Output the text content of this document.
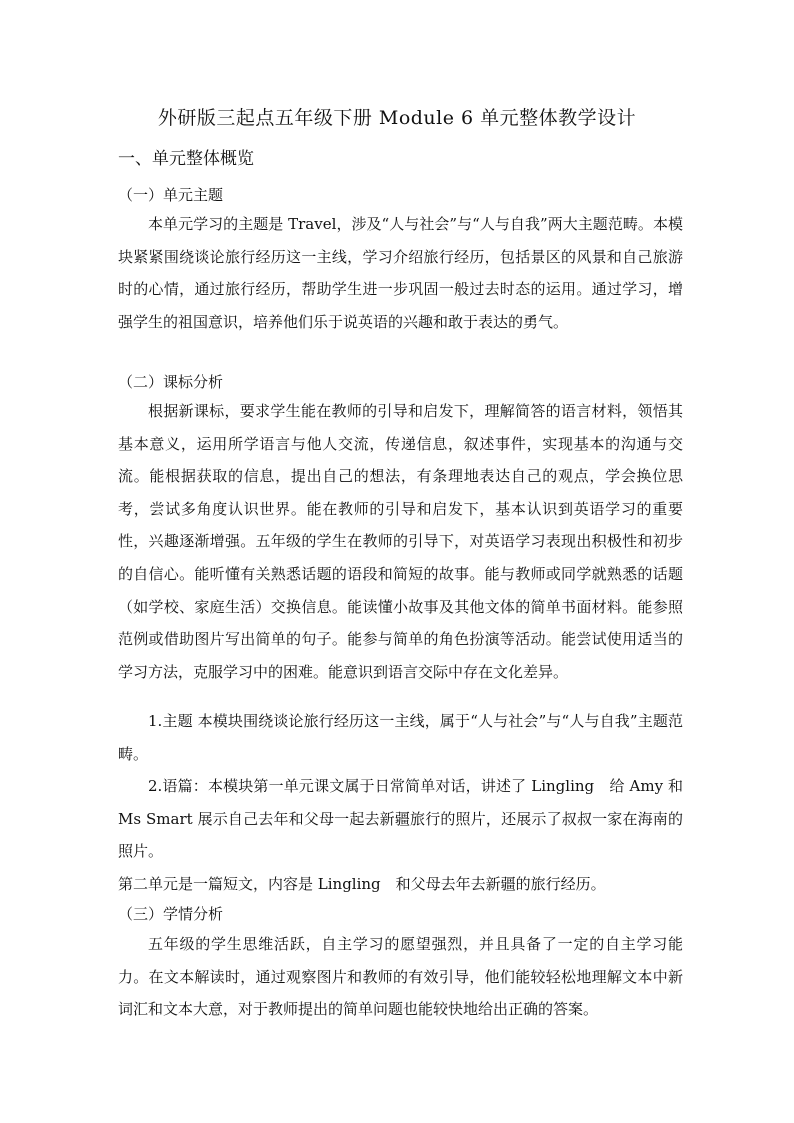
外研版三起点五年级下册 Module 6 单元整体教学设计
一、单元整体概览
（一）单元主题

本单元学习的主题是 Travel，涉及“人与社会”与“人与自我”两大主题范畴。本模块紧紧围绕谈论旅行经历这一主线，学习介绍旅行经历，包括景区的风景和自己旅游时的心情，通过旅行经历，帮助学生进一步巩固一般过去时态的运用。通过学习，增强学生的祖国意识，培养他们乐于说英语的兴趣和敢于表达的勇气。

（二）课标分析

根据新课标，要求学生能在教师的引导和启发下，理解简答的语言材料，领悟其基本意义，运用所学语言与他人交流，传递信息，叙述事件，实现基本的沟通与交流。能根据获取的信息，提出自己的想法，有条理地表达自己的观点，学会换位思考，尝试多角度认识世界。能在教师的引导和启发下，基本认识到英语学习的重要性，兴趣逐渐增强。五年级的学生在教师的引导下，对英语学习表现出积极性和初步的自信心。能听懂有关熟悉话题的语段和简短的故事。能与教师或同学就熟悉的话题（如学校、家庭生活）交换信息。能读懂小故事及其他文体的简单书面材料。能参照范例或借助图片写出简单的句子。能参与简单的角色扮演等活动。能尝试使用适当的学习方法，克服学习中的困难。能意识到语言交际中存在文化差异。

1.主题 本模块围绕谈论旅行经历这一主线，属于“人与社会”与“人与自我”主题范畴。

2.语篇：本模块第一单元课文属于日常简单对话，讲述了 Lingling　给 Amy 和 Ms Smart 展示自己去年和父母一起去新疆旅行的照片，还展示了叔叔一家在海南的照片。

第二单元是一篇短文，内容是 Lingling　和父母去年去新疆的旅行经历。

（三）学情分析

五年级的学生思维活跃，自主学习的愿望强烈，并且具备了一定的自主学习能力。在文本解读时，通过观察图片和教师的有效引导，他们能较轻松地理解文本中新词汇和文本大意，对于教师提出的简单问题也能较快地给出正确的答案。
